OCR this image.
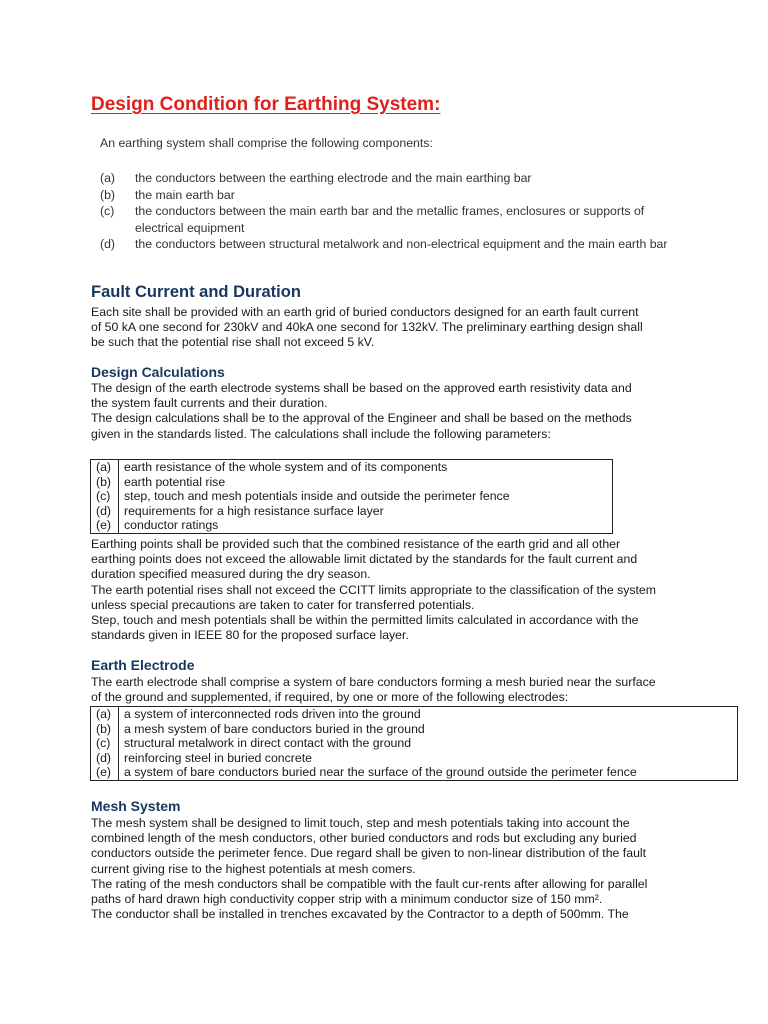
Design Condition for Earthing System:

An earthing system shall comprise the following components:

(a)	the conductors between the earthing electrode and the main earthing bar
(b)	the main earth bar
(c)	the conductors between the main earth bar and the metallic frames, enclosures or supports of electrical equipment
(d)	the conductors between structural metalwork and non-electrical equipment and the main earth bar
Fault Current and Duration

Each site shall be provided with an earth grid of buried conductors designed for an earth fault current
of 50 kA one second for 230kV and 40kA one second for 132kV. The preliminary earthing design shall
be such that the potential rise shall not exceed 5 kV.

Design Calculations

The design of the earth electrode systems shall be based on the approved earth resistivity data and
the system fault currents and their duration.
The design calculations shall be to the approval of the Engineer and shall be based on the methods
given in the standards listed. The calculations shall include the following parameters:

(a)	earth resistance of the whole system and of its components
(b)	earth potential rise
(c)	step, touch and mesh potentials inside and outside the perimeter fence
(d)	requirements for a high resistance surface layer
(e)	conductor ratings

Earthing points shall be provided such that the combined resistance of the earth grid and all other
earthing points does not exceed the allowable limit dictated by the standards for the fault current and
duration specified measured during the dry season.
The earth potential rises shall not exceed the CCITT limits appropriate to the classification of the system
unless special precautions are taken to cater for transferred potentials.
Step, touch and mesh potentials shall be within the permitted limits calculated in accordance with the
standards given in IEEE 80 for the proposed surface layer.

Earth Electrode

The earth electrode shall comprise a system of bare conductors forming a mesh buried near the surface
of the ground and supplemented, if required, by one or more of the following electrodes:

(a)	a system of interconnected rods driven into the ground
(b)	a mesh system of bare conductors buried in the ground
(c)	structural metalwork in direct contact with the ground
(d)	reinforcing steel in buried concrete
(e)	a system of bare conductors buried near the surface of the ground outside the perimeter fence
Mesh System

The mesh system shall be designed to limit touch, step and mesh potentials taking into account the
combined length of the mesh conductors, other buried conductors and rods but excluding any buried
conductors outside the perimeter fence. Due regard shall be given to non-linear distribution of the fault
current giving rise to the highest potentials at mesh comers.
The rating of the mesh conductors shall be compatible with the fault cur-rents after allowing for parallel
paths of hard drawn high conductivity copper strip with a minimum conductor size of 150 mm².
The conductor shall be installed in trenches excavated by the Contractor to a depth of 500mm. The
